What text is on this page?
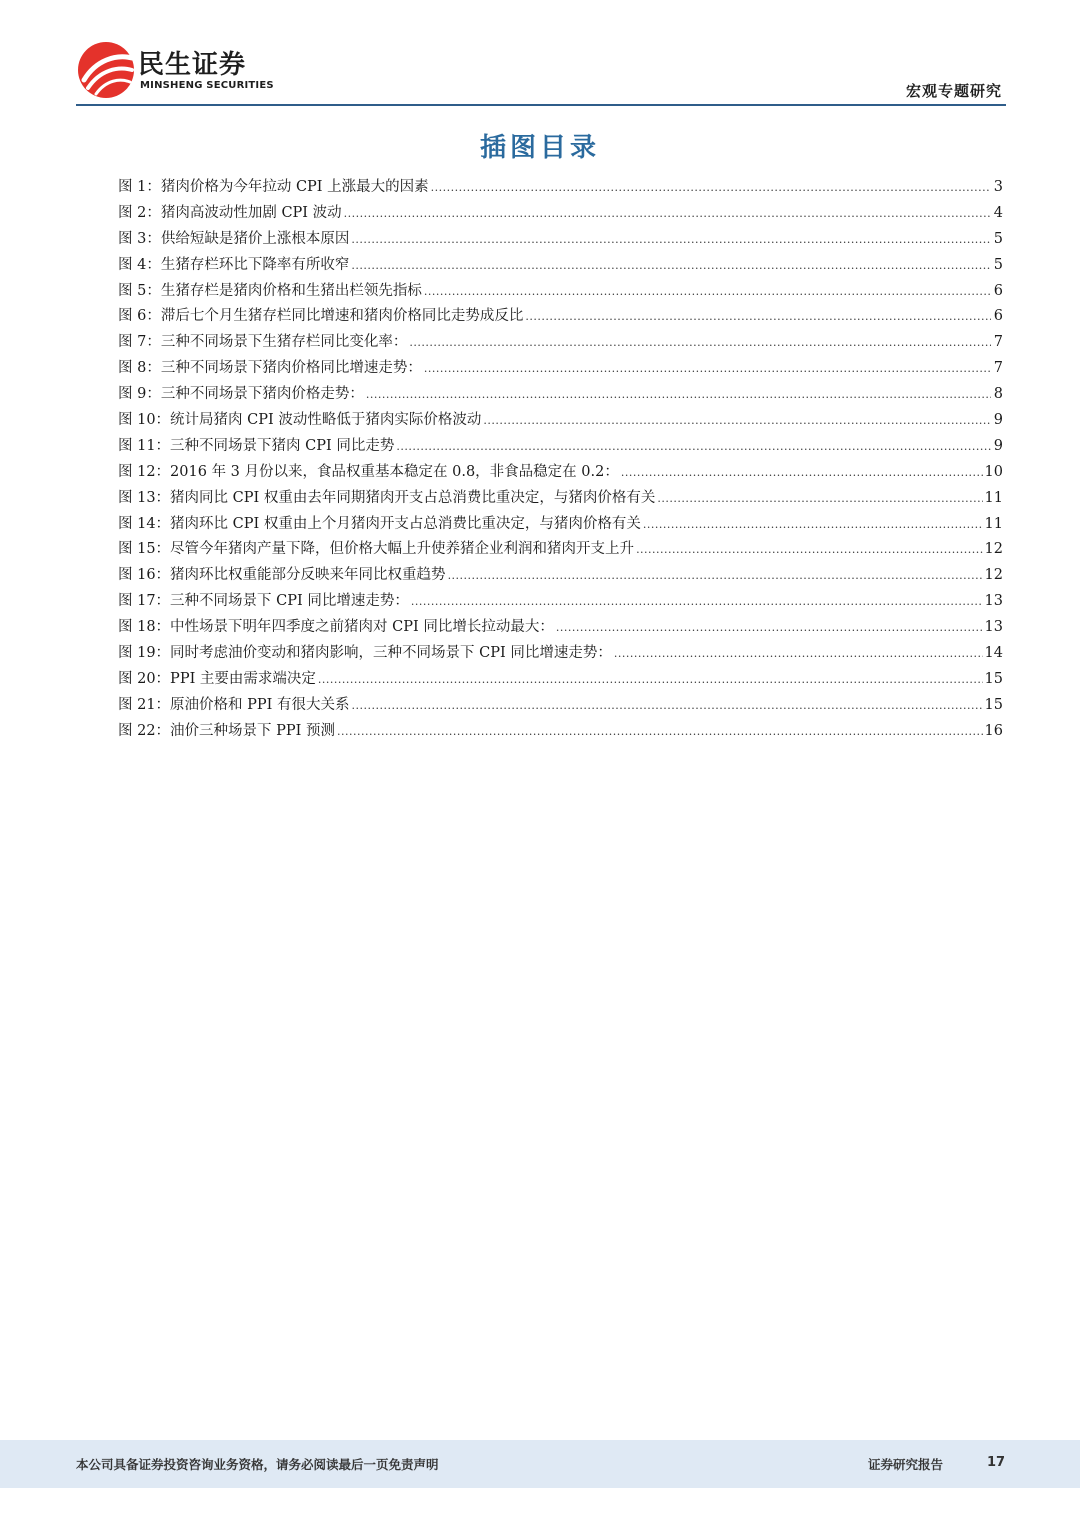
民生证券
MINSHENG SECURITIES	宏观专题研究
插图目录
图 1：猪肉价格为今年拉动 CPI 上涨最大的因素 .....	3
图 2：猪肉高波动性加剧 CPI 波动 .....	4
图 3：供给短缺是猪价上涨根本原因 .....	5
图 4：生猪存栏环比下降率有所收窄 .....	5
图 5：生猪存栏是猪肉价格和生猪出栏领先指标 .....	6
图 6：滞后七个月生猪存栏同比增速和猪肉价格同比走势成反比 .....	6
图 7：三种不同场景下生猪存栏同比变化率： .....	7
图 8：三种不同场景下猪肉价格同比增速走势： .....	7
图 9：三种不同场景下猪肉价格走势： .....	8
图 10：统计局猪肉 CPI 波动性略低于猪肉实际价格波动 .....	9
图 11：三种不同场景下猪肉 CPI 同比走势 .....	9
图 12：2016 年 3 月份以来，食品权重基本稳定在 0.8，非食品稳定在 0.2： .....	10
图 13：猪肉同比 CPI 权重由去年同期猪肉开支占总消费比重决定，与猪肉价格有关 .....	11
图 14：猪肉环比 CPI 权重由上个月猪肉开支占总消费比重决定，与猪肉价格有关 .....	11
图 15：尽管今年猪肉产量下降，但价格大幅上升使养猪企业利润和猪肉开支上升 .....	12
图 16：猪肉环比权重能部分反映来年同比权重趋势 .....	12
图 17：三种不同场景下 CPI 同比增速走势： .....	13
图 18：中性场景下明年四季度之前猪肉对 CPI 同比增长拉动最大： .....	13
图 19：同时考虑油价变动和猪肉影响，三种不同场景下 CPI 同比增速走势： .....	14
图 20：PPI 主要由需求端决定 .....	15
图 21：原油价格和 PPI 有很大关系 .....	15
图 22：油价三种场景下 PPI 预测 .....	16
本公司具备证券投资咨询业务资格，请务必阅读最后一页免责声明	证券研究报告	17
